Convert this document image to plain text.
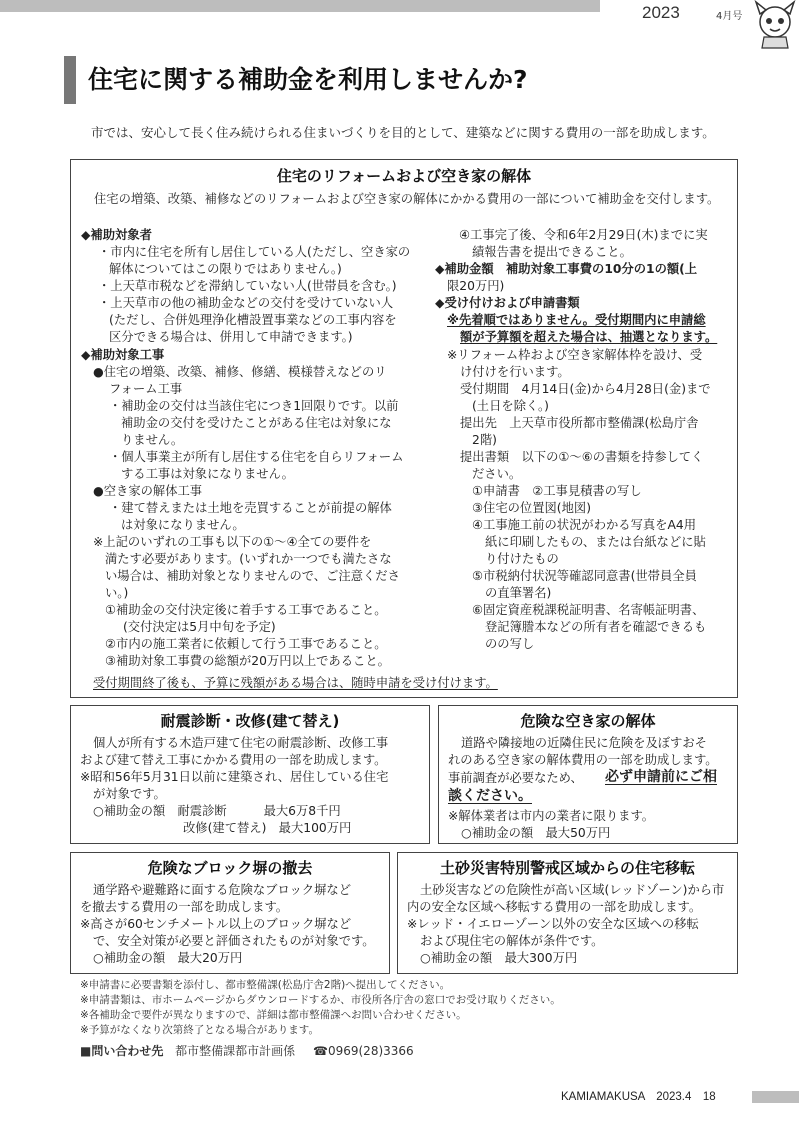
2023	4月号
住宅に関する補助金を利用しませんか?

市では、安心して長く住み続けられる住まいづくりを目的として、建築などに関する費用の一部を助成します。

住宅のリフォームおよび空き家の解体
住宅の増築、改築、補修などのリフォームおよび空き家の解体にかかる費用の一部について補助金を交付します。
◆補助対象者
・市内に住宅を所有し居住している人(ただし、空き家の
解体についてはこの限りではありません。)
・上天草市税などを滞納していない人(世帯員を含む。)
・上天草市の他の補助金などの交付を受けていない人
(ただし、合併処理浄化槽設置事業などの工事内容を
区分できる場合は、併用して申請できます。)
◆補助対象工事
●住宅の増築、改築、補修、修繕、模様替えなどのリ
フォーム工事
・補助金の交付は当該住宅につき1回限りです。以前
補助金の交付を受けたことがある住宅は対象にな
りません。
・個人事業主が所有し居住する住宅を自らリフォーム
する工事は対象になりません。
●空き家の解体工事
・建て替えまたは土地を売買することが前提の解体
は対象になりません。
※上記のいずれの工事も以下の①～④全ての要件を
満たす必要があります。(いずれか一つでも満たさな
い場合は、補助対象となりませんので、ご注意くださ
い。)
①補助金の交付決定後に着手する工事であること。
(交付決定は5月中旬を予定)
②市内の施工業者に依頼して行う工事であること。
③補助対象工事費の総額が20万円以上であること。
④工事完了後、令和6年2月29日(木)までに実
績報告書を提出できること。
◆補助金額　補助対象工事費の10分の1の額(上
限20万円)
◆受け付けおよび申請書類
※先着順ではありません。受付期間内に申請総
額が予算額を超えた場合は、抽選となります。
※リフォーム枠および空き家解体枠を設け、受
け付けを行います。
受付期間　4月14日(金)から4月28日(金)まで
(土日を除く。)
提出先　上天草市役所都市整備課(松島庁舎
2階)
提出書類　以下の①～⑥の書類を持参してく
ださい。
①申請書　②工事見積書の写し
③住宅の位置図(地図)
④工事施工前の状況がわかる写真をA4用
紙に印刷したもの、または台紙などに貼
り付けたもの
⑤市税納付状況等確認同意書(世帯員全員
の直筆署名)
⑥固定資産税課税証明書、名寄帳証明書、
登記簿謄本などの所有者を確認できるも
のの写し
受付期間終了後も、予算に残額がある場合は、随時申請を受け付けます。
耐震診断・改修(建て替え)
個人が所有する木造戸建て住宅の耐震診断、改修工事
および建て替え工事にかかる費用の一部を助成します。
※昭和56年5月31日以前に建築され、居住している住宅
が対象です。
○補助金の額　耐震診断　　　最大6万8千円
改修(建て替え)　最大100万円
危険な空き家の解体
道路や隣接地の近隣住民に危険を及ぼすおそ
れのある空き家の解体費用の一部を助成します。
事前調査が必要なため、 必ず申請前にご相
談ください。
※解体業者は市内の業者に限ります。
○補助金の額　最大50万円
危険なブロック塀の撤去
通学路や避難路に面する危険なブロック塀など
を撤去する費用の一部を助成します。
※高さが60センチメートル以上のブロック塀など
で、安全対策が必要と評価されたものが対象です。
○補助金の額　最大20万円
土砂災害特別警戒区域からの住宅移転
土砂災害などの危険性が高い区域(レッドゾーン)から市
内の安全な区域へ移転する費用の一部を助成します。
※レッド・イエローゾーン以外の安全な区域への移転
および現住宅の解体が条件です。
○補助金の額　最大300万円
※申請書に必要書類を添付し、都市整備課(松島庁舎2階)へ提出してください。
※申請書類は、市ホームページからダウンロードするか、市役所各庁舎の窓口でお受け取りください。
※各補助金で要件が異なりますので、詳細は都市整備課へお問い合わせください。
※予算がなくなり次第終了となる場合があります。
■問い合わせ先 都市整備課都市計画係 ☎0969(28)3366
KAMIAMAKUSA　2023.4　18
